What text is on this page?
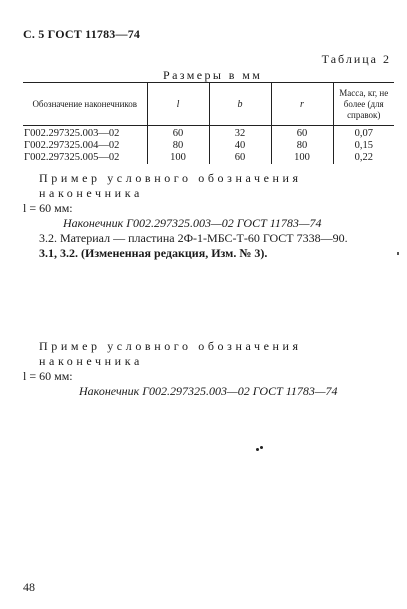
С. 5 ГОСТ 11783—74
Таблица 2
Размеры в мм
Обозначение наконечников	l	b	r	Масса, кг, не более (для справок)
Г002.297325.003—02	60	32	60	0,07
Г002.297325.004—02	80	40	80	0,15
Г002.297325.005—02	100	60	100	0,22
Пример условного обозначения наконечника
l = 60 мм:
Наконечник Г002.297325.003—02 ГОСТ 11783—74
3.2. Материал — пластина 2Ф-1-МБС-Т-60 ГОСТ 7338—90.
3.1, 3.2. (Измененная редакция, Изм. № 3).
Пример условного обозначения наконечника
l = 60 мм:
Наконечник Г002.297325.003—02 ГОСТ 11783—74
48
